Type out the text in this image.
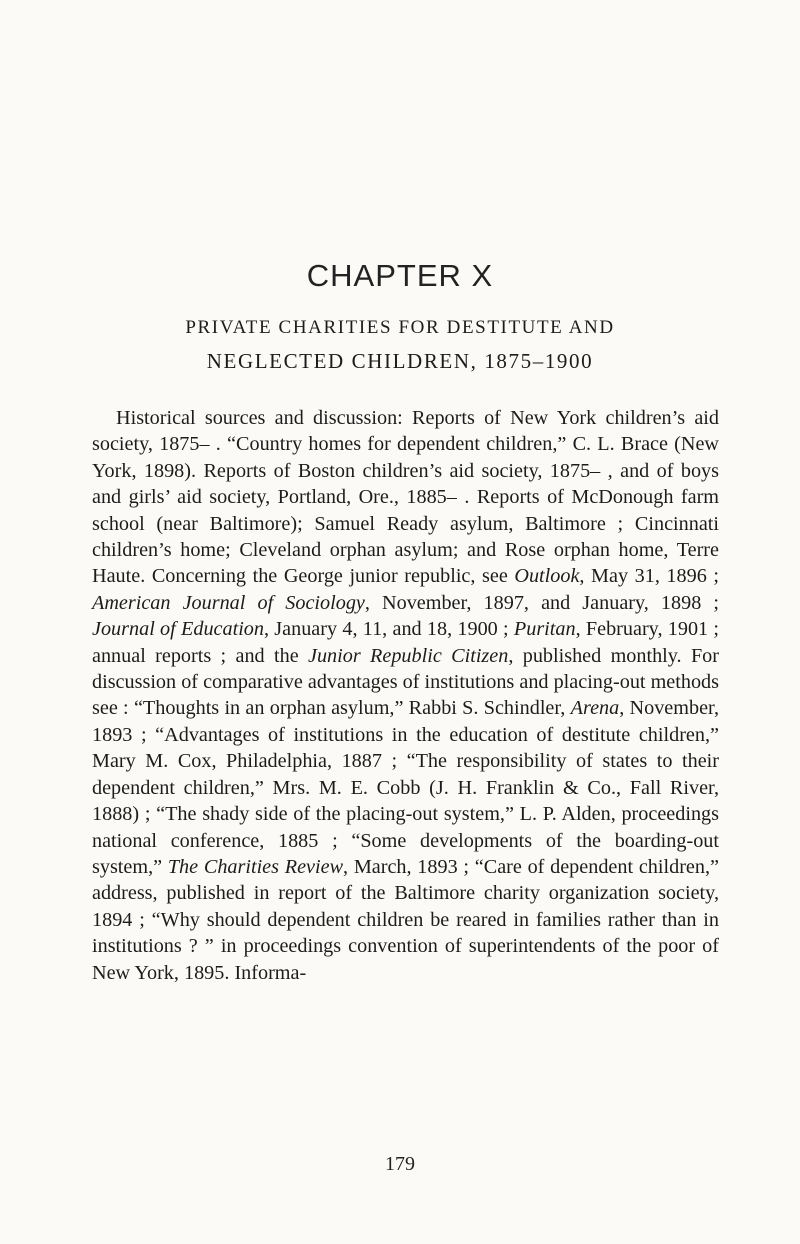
CHAPTER X
PRIVATE CHARITIES FOR DESTITUTE AND
NEGLECTED CHILDREN, 1875–1900
Historical sources and discussion: Reports of New York children’s aid society, 1875– . “Country homes for dependent children,” C. L. Brace (New York, 1898). Reports of Boston children’s aid society, 1875– , and of boys and girls’ aid society, Portland, Ore., 1885– . Reports of McDonough farm school (near Baltimore); Samuel Ready asylum, Baltimore ; Cincinnati children’s home; Cleveland orphan asylum; and Rose orphan home, Terre Haute. Concerning the George junior republic, see Outlook, May 31, 1896 ; American Journal of Sociology, November, 1897, and January, 1898 ; Journal of Education, January 4, 11, and 18, 1900 ; Puritan, February, 1901 ; annual reports ; and the Junior Republic Citizen, published monthly. For discussion of comparative advantages of institutions and placing-out methods see : “Thoughts in an orphan asylum,” Rabbi S. Schindler, Arena, November, 1893 ; “Advantages of institutions in the education of destitute children,” Mary M. Cox, Philadelphia, 1887 ; “The responsibility of states to their dependent children,” Mrs. M. E. Cobb (J. H. Franklin & Co., Fall River, 1888) ; “The shady side of the placing-out system,” L. P. Alden, proceedings national conference, 1885 ; “Some developments of the boarding-out system,” The Charities Review, March, 1893 ; “Care of dependent children,” address, published in report of the Baltimore charity organization society, 1894 ; “Why should dependent children be reared in families rather than in institutions ? ” in proceedings convention of superintendents of the poor of New York, 1895. Informa-
179
